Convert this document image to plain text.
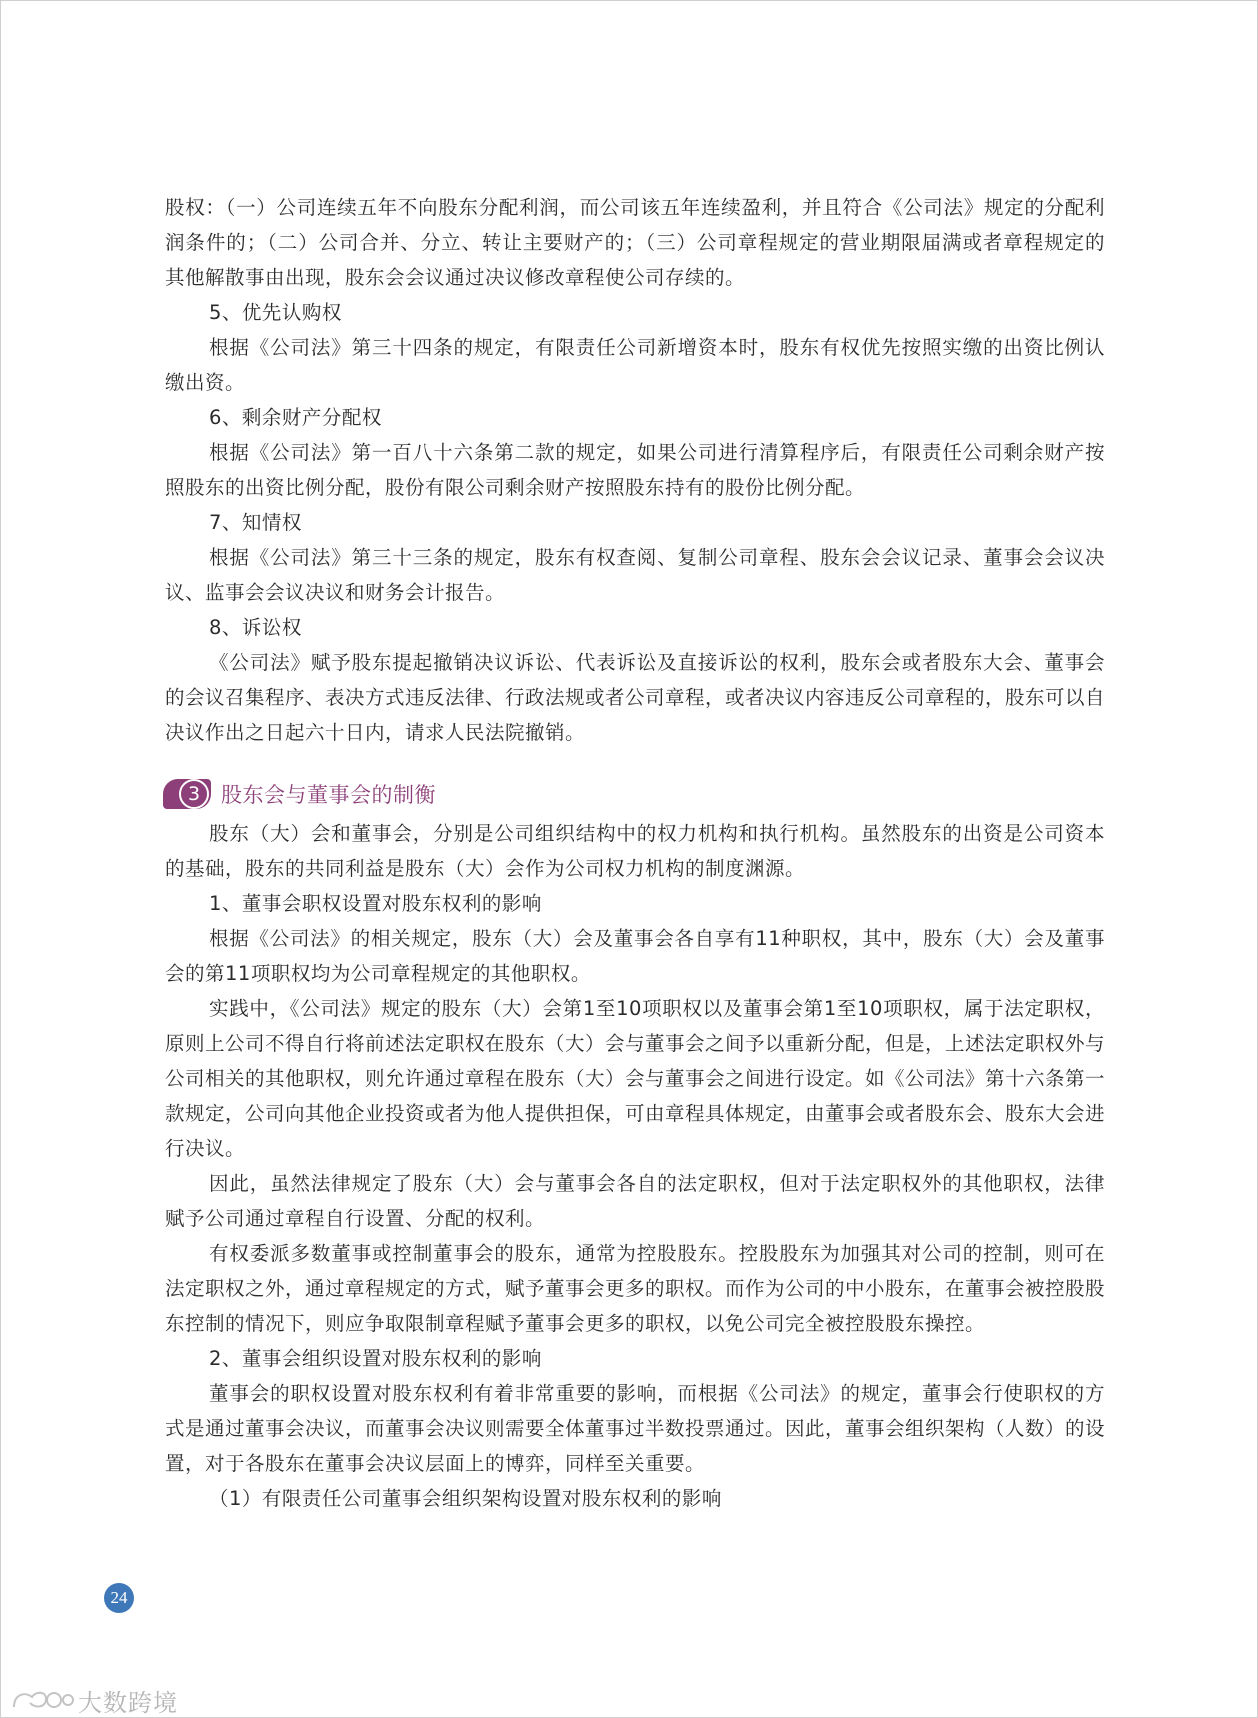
股权：（一）公司连续五年不向股东分配利润，而公司该五年连续盈利，并且符合《公司法》规定的分配利润条件的；（二）公司合并、分立、转让主要财产的；（三）公司章程规定的营业期限届满或者章程规定的其他解散事由出现，股东会会议通过决议修改章程使公司存续的。

5、优先认购权

根据《公司法》第三十四条的规定，有限责任公司新增资本时，股东有权优先按照实缴的出资比例认缴出资。

6、剩余财产分配权

根据《公司法》第一百八十六条第二款的规定，如果公司进行清算程序后，有限责任公司剩余财产按照股东的出资比例分配，股份有限公司剩余财产按照股东持有的股份比例分配。

7、知情权

根据《公司法》第三十三条的规定，股东有权查阅、复制公司章程、股东会会议记录、董事会会议决议、监事会会议决议和财务会计报告。

8、诉讼权

《公司法》赋予股东提起撤销决议诉讼、代表诉讼及直接诉讼的权利，股东会或者股东大会、董事会的会议召集程序、表决方式违反法律、行政法规或者公司章程，或者决议内容违反公司章程的，股东可以自决议作出之日起六十日内，请求人民法院撤销。

3 股东会与董事会的制衡

股东（大）会和董事会，分别是公司组织结构中的权力机构和执行机构。虽然股东的出资是公司资本的基础，股东的共同利益是股东（大）会作为公司权力机构的制度渊源。

1、董事会职权设置对股东权利的影响

根据《公司法》的相关规定，股东（大）会及董事会各自享有11种职权，其中，股东（大）会及董事会的第11项职权均为公司章程规定的其他职权。

实践中，《公司法》规定的股东（大）会第1至10项职权以及董事会第1至10项职权，属于法定职权，原则上公司不得自行将前述法定职权在股东（大）会与董事会之间予以重新分配，但是，上述法定职权外与公司相关的其他职权，则允许通过章程在股东（大）会与董事会之间进行设定。如《公司法》第十六条第一款规定，公司向其他企业投资或者为他人提供担保，可由章程具体规定，由董事会或者股东会、股东大会进行决议。

因此，虽然法律规定了股东（大）会与董事会各自的法定职权，但对于法定职权外的其他职权，法律赋予公司通过章程自行设置、分配的权利。

有权委派多数董事或控制董事会的股东，通常为控股股东。控股股东为加强其对公司的控制，则可在法定职权之外，通过章程规定的方式，赋予董事会更多的职权。而作为公司的中小股东，在董事会被控股股东控制的情况下，则应争取限制章程赋予董事会更多的职权，以免公司完全被控股股东操控。

2、董事会组织设置对股东权利的影响

董事会的职权设置对股东权利有着非常重要的影响，而根据《公司法》的规定，董事会行使职权的方式是通过董事会决议，而董事会决议则需要全体董事过半数投票通过。因此，董事会组织架构（人数）的设置，对于各股东在董事会决议层面上的博弈，同样至关重要。

（1）有限责任公司董事会组织架构设置对股东权利的影响

24
大数跨境
